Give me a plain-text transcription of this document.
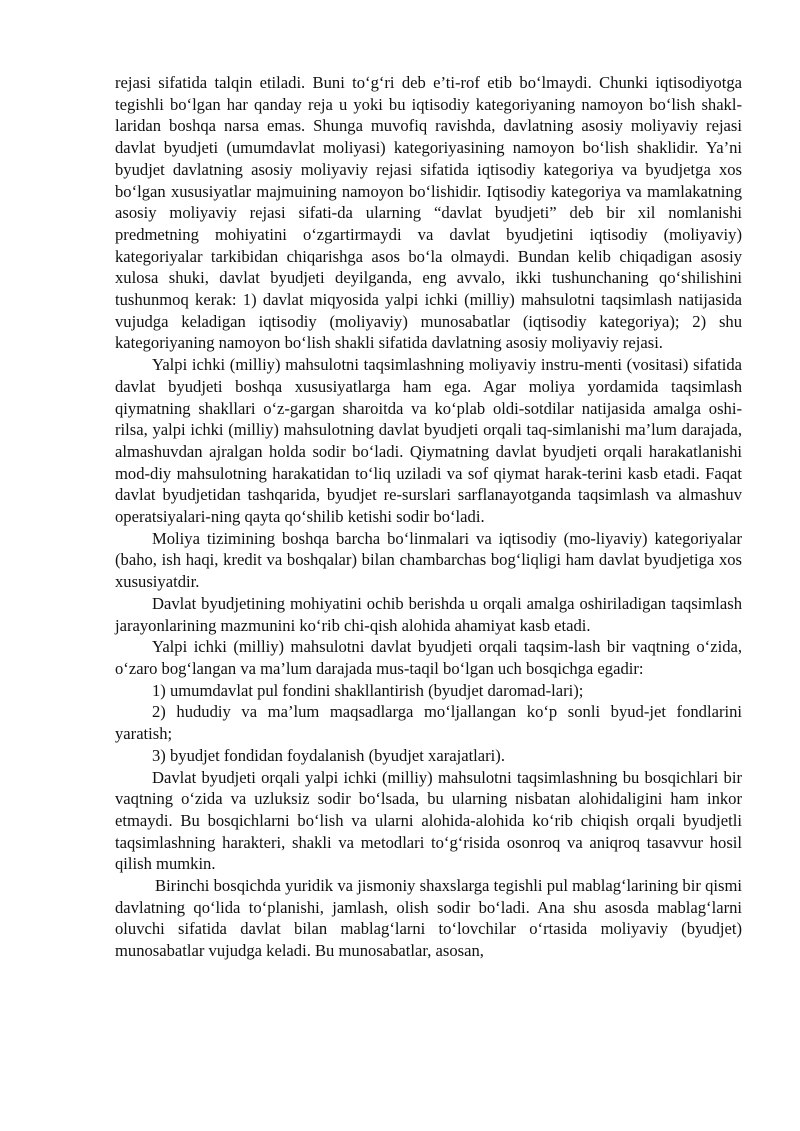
rejasi sifatida talqin etiladi. Buni to‘g‘ri deb e’ti-rof etib bo‘lmaydi. Chunki iqtisodiyotga tegishli bo‘lgan har qanday reja u yoki bu iqtisodiy kategoriyaning namoyon bo‘lish shakl-laridan boshqa narsa emas. Shunga muvofiq ravishda, davlatning asosiy moliyaviy rejasi davlat byudjeti (umumdavlat moliyasi) kategoriyasining namoyon bo‘lish shaklidir. Ya’ni byudjet davlatning asosiy moliyaviy rejasi sifatida iqtisodiy kategoriya va byudjetga xos bo‘lgan xususiyatlar majmuining namoyon bo‘lishidir. Iqtisodiy kategoriya va mamlakatning asosiy moliyaviy rejasi sifati-da ularning “davlat byudjeti” deb bir xil nomlanishi predmetning mohiyatini o‘zgartirmaydi va davlat byudjetini iqtisodiy (moliyaviy) kategoriyalar tarkibidan chiqarishga asos bo‘la olmaydi. Bundan kelib chiqadigan asosiy xulosa shuki, davlat byudjeti deyilganda, eng avvalo, ikki tushunchaning qo‘shilishini tushunmoq kerak: 1) davlat miqyosida yalpi ichki (milliy) mahsulotni taqsimlash natijasida vujudga keladigan iqtisodiy (moliyaviy) munosabatlar (iqtisodiy kategoriya); 2) shu kategoriyaning namoyon bo‘lish shakli sifatida davlatning asosiy moliyaviy rejasi.

Yalpi ichki (milliy) mahsulotni taqsimlashning moliyaviy instru-menti (vositasi) sifatida davlat byudjeti boshqa xususiyatlarga ham ega. Agar moliya yordamida taqsimlash qiymatning shakllari o‘z-gargan sharoitda va ko‘plab oldi-sotdilar natijasida amalga oshi-rilsa, yalpi ichki (milliy) mahsulotning davlat byudjeti orqali taq-simlanishi ma’lum darajada, almashuvdan ajralgan holda sodir bo‘ladi. Qiymatning davlat byudjeti orqali harakatlanishi mod-diy mahsulotning harakatidan to‘liq uziladi va sof qiymat harak-terini kasb etadi. Faqat davlat byudjetidan tashqarida, byudjet re-surslari sarflanayotganda taqsimlash va almashuv operatsiyalari-ning qayta qo‘shilib ketishi sodir bo‘ladi.

Moliya tizimining boshqa barcha bo‘linmalari va iqtisodiy (mo-liyaviy) kategoriyalar (baho, ish haqi, kredit va boshqalar) bilan chambarchas bog‘liqligi ham davlat byudjetiga xos xususiyatdir.

Davlat byudjetining mohiyatini ochib berishda u orqali amalga oshiriladigan taqsimlash jarayonlarining mazmunini ko‘rib chi-qish alohida ahamiyat kasb etadi.

Yalpi ichki (milliy) mahsulotni davlat byudjeti orqali taqsim-lash bir vaqtning o‘zida, o‘zaro bog‘langan va ma’lum darajada mus-taqil bo‘lgan uch bosqichga egadir:

1) umumdavlat pul fondini shakllantirish (byudjet daromad-lari);

2) hududiy va ma’lum maqsadlarga mo‘ljallangan ko‘p sonli byud-jet fondlarini yaratish;

3) byudjet fondidan foydalanish (byudjet xarajatlari).

Davlat byudjeti orqali yalpi ichki (milliy) mahsulotni taqsimlashning bu bosqichlari bir vaqtning o‘zida va uzluksiz sodir bo‘lsada, bu ularning nisbatan alohidaligini ham inkor etmaydi. Bu bosqichlarni bo‘lish va ularni alohida-alohida ko‘rib chiqish orqali byudjetli taqsimlashning harakteri, shakli va metodlari to‘g‘risida osonroq va aniqroq tasavvur hosil qilish mumkin.

Birinchi bosqichda yuridik va jismoniy shaxslarga tegishli pul mablag‘larining bir qismi davlatning qo‘lida to‘planishi, jamlash, olish sodir bo‘ladi. Ana shu asosda mablag‘larni oluvchi sifatida davlat bilan mablag‘larni to‘lovchilar o‘rtasida moliyaviy (byudjet) munosabatlar vujudga keladi. Bu munosabatlar, asosan,
